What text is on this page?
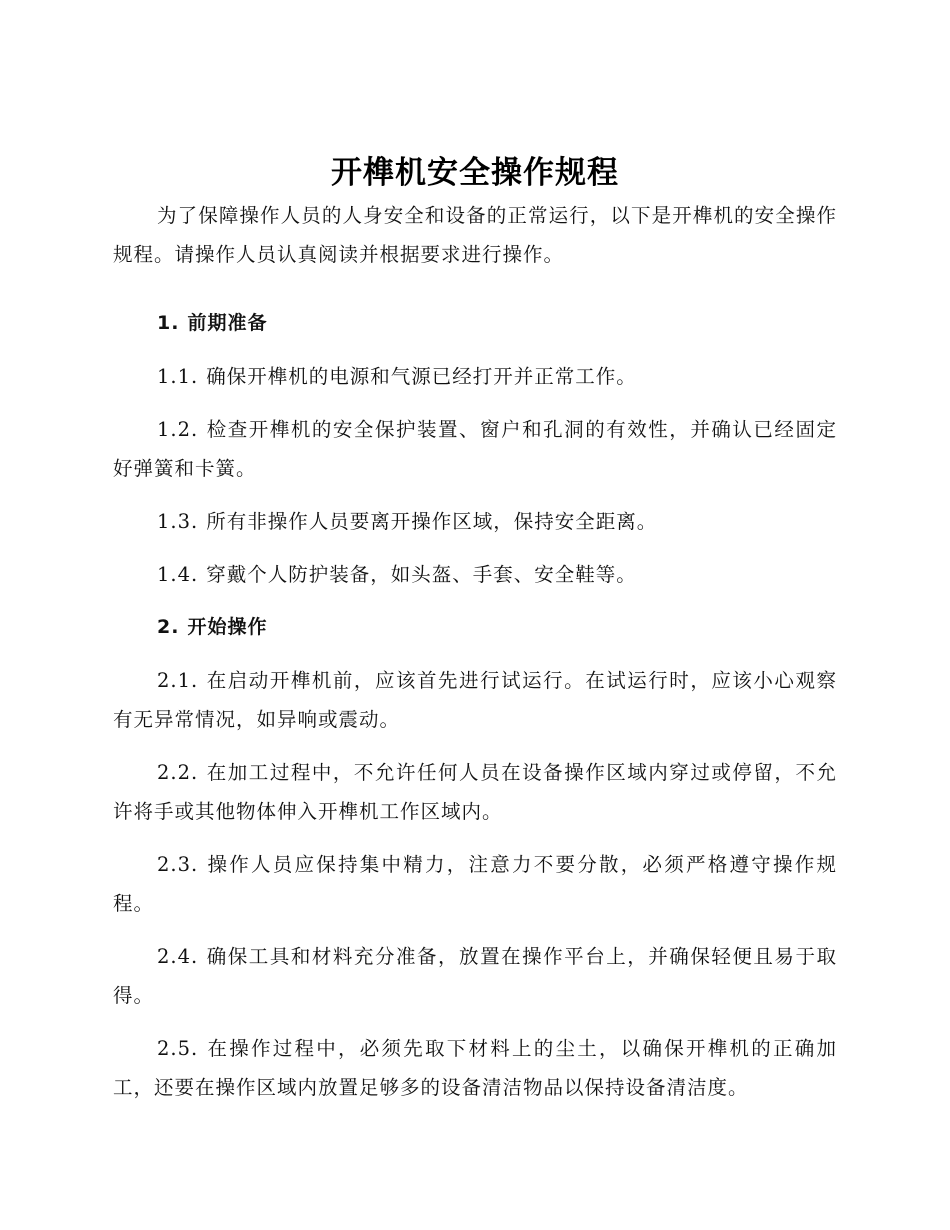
开榫机安全操作规程

为了保障操作人员的人身安全和设备的正常运行，以下是开榫机的安全操作规程。请操作人员认真阅读并根据要求进行操作。

1. 前期准备

1.1. 确保开榫机的电源和气源已经打开并正常工作。

1.2. 检查开榫机的安全保护装置、窗户和孔洞的有效性，并确认已经固定好弹簧和卡簧。

1.3. 所有非操作人员要离开操作区域，保持安全距离。

1.4. 穿戴个人防护装备，如头盔、手套、安全鞋等。

2. 开始操作

2.1. 在启动开榫机前，应该首先进行试运行。在试运行时，应该小心观察有无异常情况，如异响或震动。

2.2. 在加工过程中，不允许任何人员在设备操作区域内穿过或停留，不允许将手或其他物体伸入开榫机工作区域内。

2.3. 操作人员应保持集中精力，注意力不要分散，必须严格遵守操作规程。

2.4. 确保工具和材料充分准备，放置在操作平台上，并确保轻便且易于取得。

2.5. 在操作过程中，必须先取下材料上的尘土，以确保开榫机的正确加工，还要在操作区域内放置足够多的设备清洁物品以保持设备清洁度。
